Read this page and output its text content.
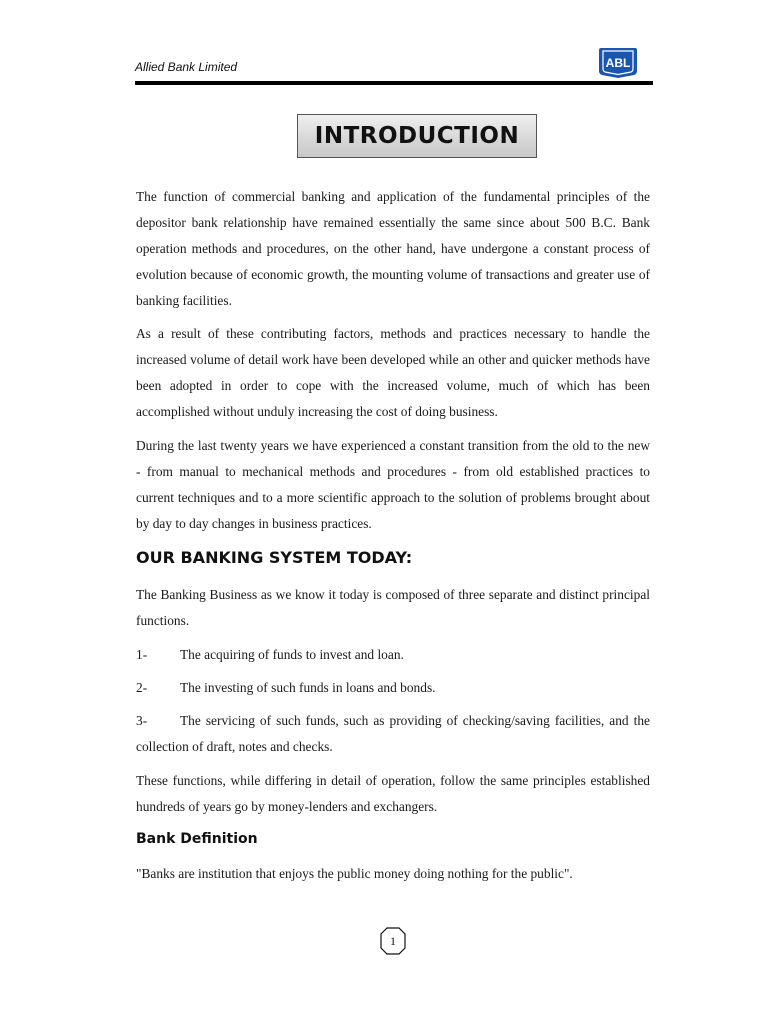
Allied Bank Limited	ABL
INTRODUCTION

The function of commercial banking and application of the fundamental principles of the depositor bank relationship have remained essentially the same since about 500 B.C. Bank operation methods and procedures, on the other hand, have undergone a constant process of evolution because of economic growth, the mounting volume of transactions and greater use of banking facilities.

As a result of these contributing factors, methods and practices necessary to handle the increased volume of detail work have been developed while an other and quicker methods have been adopted in order to cope with the increased volume, much of which has been accomplished without unduly increasing the cost of doing business.

During the last twenty years we have experienced a constant transition from the old to the new - from manual to mechanical methods and procedures - from old established practices to current techniques and to a more scientific approach to the solution of problems brought about by day to day changes in business practices.

OUR BANKING SYSTEM TODAY:

The Banking Business as we know it today is composed of three separate and distinct principal functions.

1- The acquiring of funds to invest and loan.

2- The investing of such funds in loans and bonds.

3- The servicing of such funds, such as providing of checking/saving facilities, and the collection of draft, notes and checks.

These functions, while differing in detail of operation, follow the same principles established hundreds of years go by money-lenders and exchangers.

Bank Definition

"Banks are institution that enjoys the public money doing nothing for the public".

1
